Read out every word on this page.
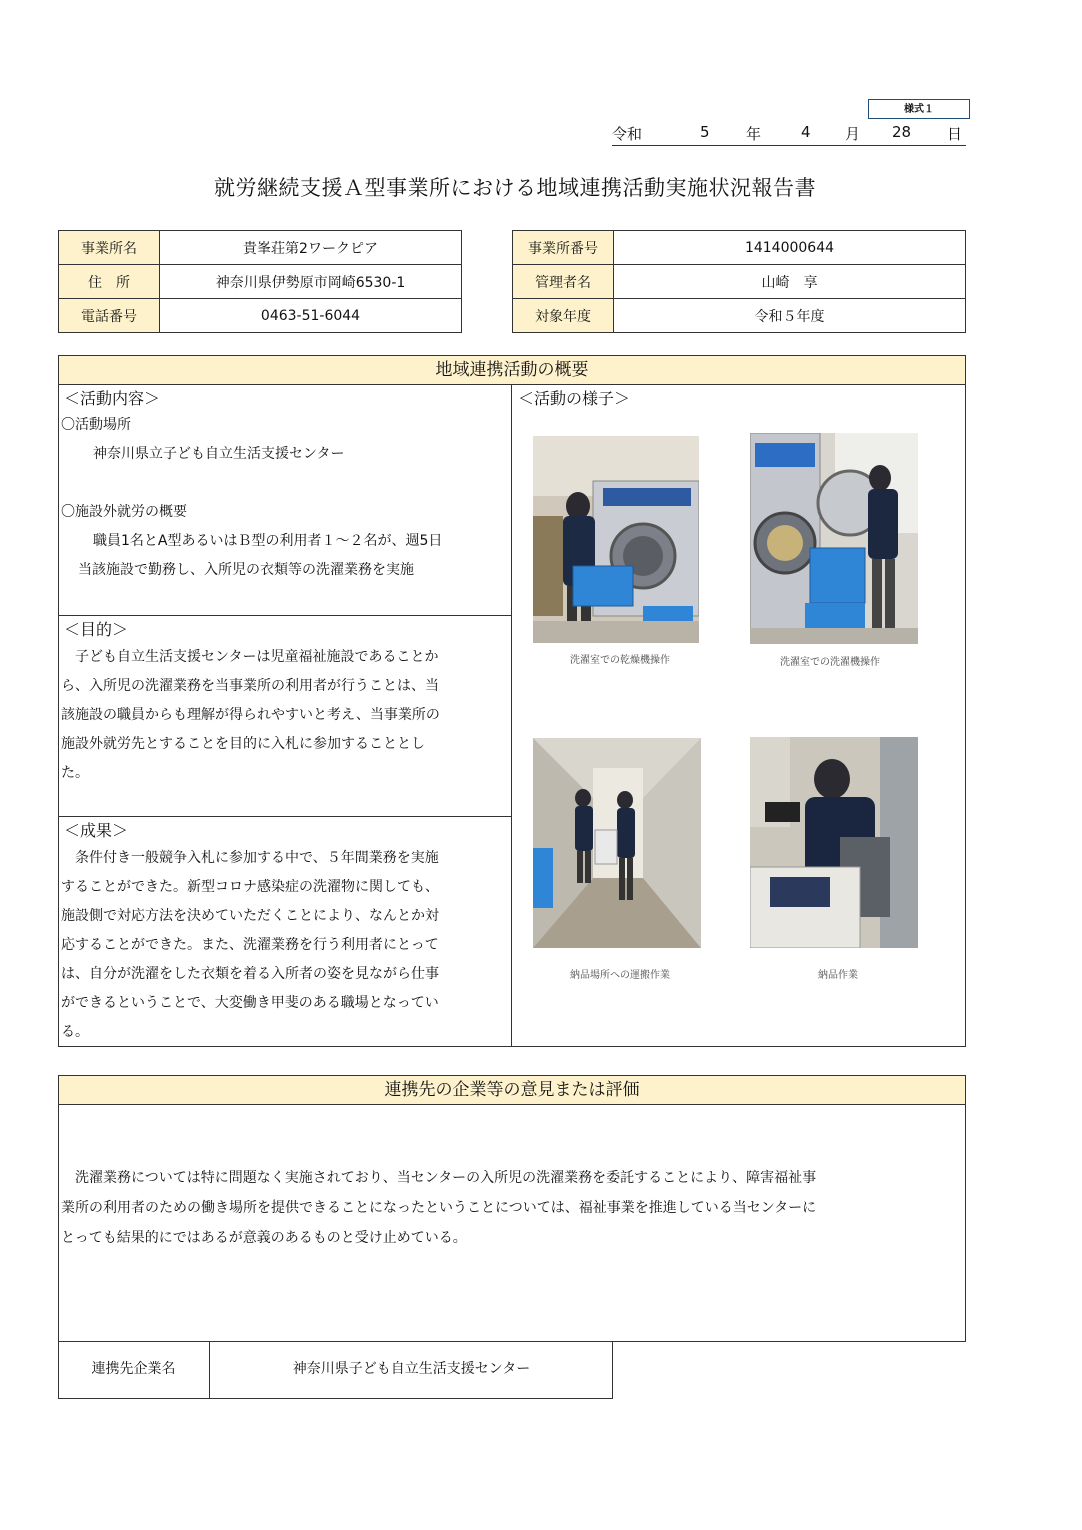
様式１
令和	5 年	4 月 28 日
就労継続支援Ａ型事業所における地域連携活動実施状況報告書
事業所名	貴峯荘第2ワークピア
住　所	神奈川県伊勢原市岡崎6530-1
電話番号	0463-51-6044
事業所番号	1414000644
管理者名	山崎　享
対象年度	令和５年度
地域連携活動の概要
＜活動内容＞
〇活動場所
神奈川県立子ども自立生活支援センター
〇施設外就労の概要
職員1名とA型あるいはＢ型の利用者１～２名が、週5日
当該施設で勤務し、入所児の衣類等の洗濯業務を実施
＜目的＞
　子ども自立生活支援センターは児童福祉施設であることか
ら、入所児の洗濯業務を当事業所の利用者が行うことは、当
該施設の職員からも理解が得られやすいと考え、当事業所の
施設外就労先とすることを目的に入札に参加することとし
た。
＜成果＞
　条件付き一般競争入札に参加する中で、５年間業務を実施
することができた。新型コロナ感染症の洗濯物に関しても、
施設側で対応方法を決めていただくことにより、なんとか対
応することができた。また、洗濯業務を行う利用者にとって
は、自分が洗濯をした衣類を着る入所者の姿を見ながら仕事
ができるということで、大変働き甲斐のある職場となってい
る。
＜活動の様子＞
洗濯室での乾燥機操作	洗濯室での洗濯機操作
納品場所への運搬作業	納品作業
連携先の企業等の意見または評価
　洗濯業務については特に問題なく実施されており、当センターの入所児の洗濯業務を委託することにより、障害福祉事
業所の利用者のための働き場所を提供できることになったということについては、福祉事業を推進している当センターに
とっても結果的にではあるが意義のあるものと受け止めている。
連携先企業名	神奈川県子ども自立生活支援センター
